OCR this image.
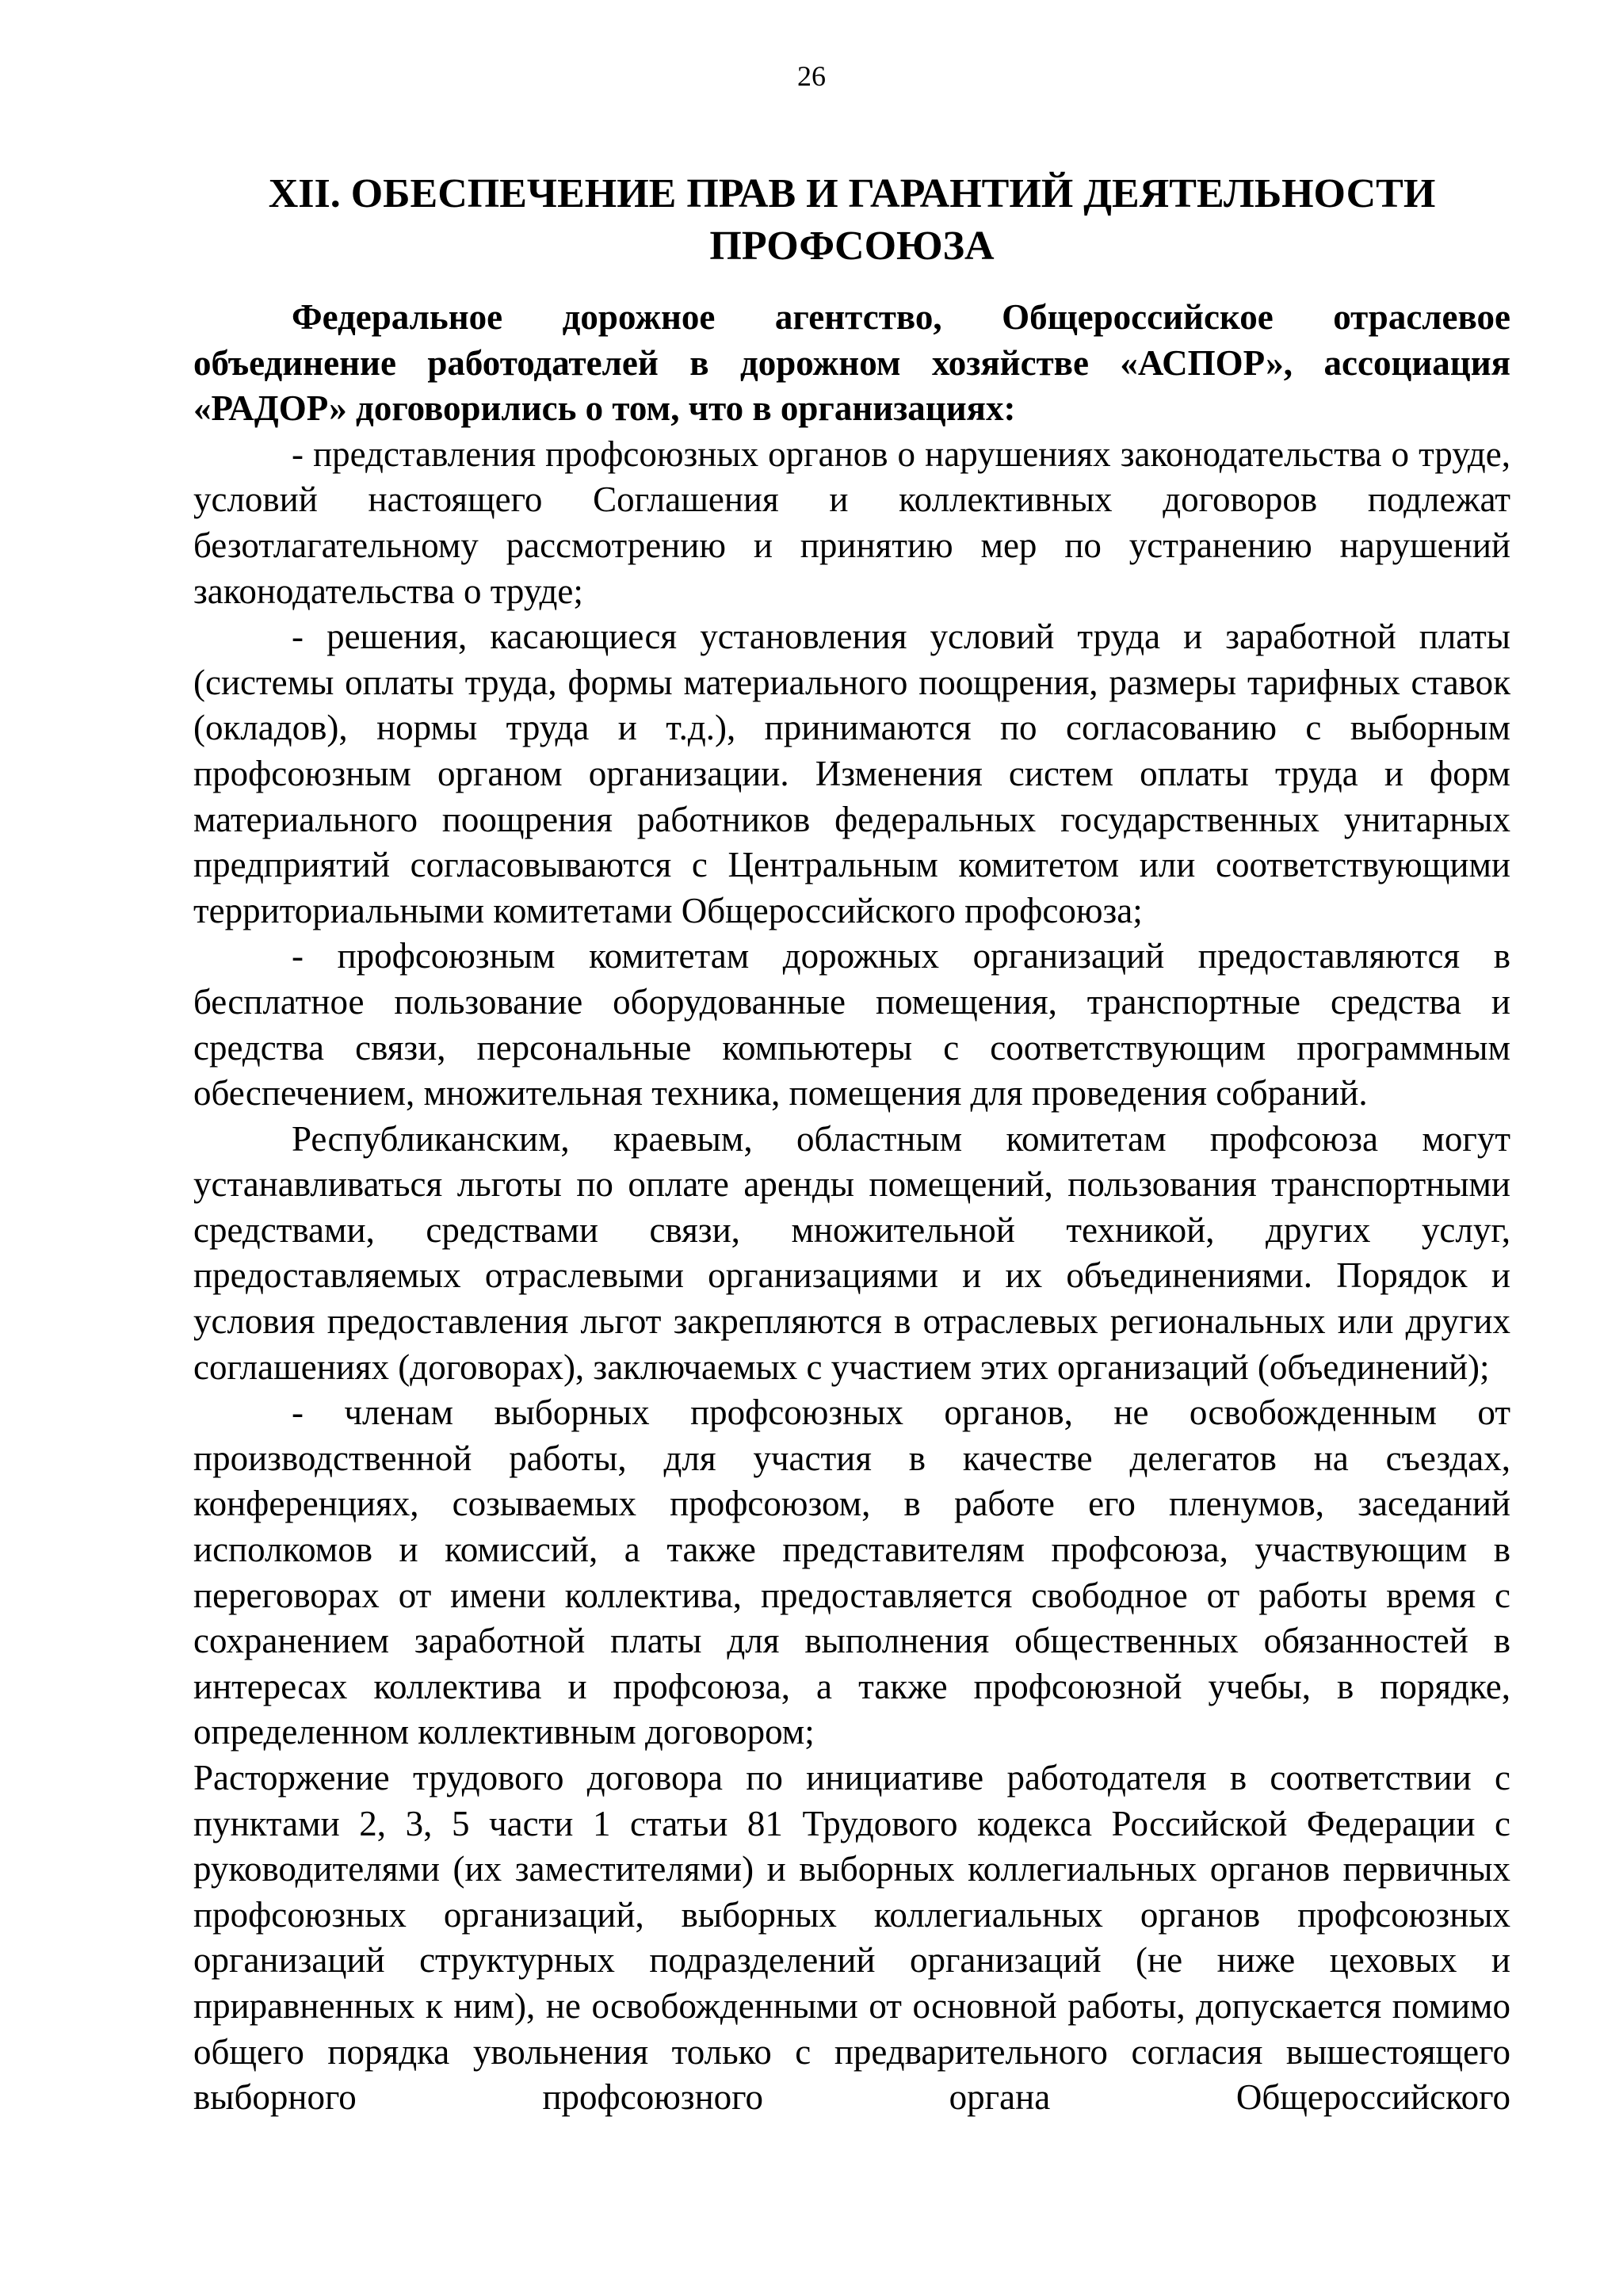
26
XII. ОБЕСПЕЧЕНИЕ ПРАВ И ГАРАНТИЙ ДЕЯТЕЛЬНОСТИ ПРОФСОЮЗА

Федеральное дорожное агентство, Общероссийское отраслевое объединение работодателей в дорожном хозяйстве «АСПОР», ассоциация «РАДОР» договорились о том, что в организациях:

- представления профсоюзных органов о нарушениях законодательства о труде, условий настоящего Соглашения и коллективных договоров подлежат безотлагательному рассмотрению и принятию мер по устранению нарушений законодательства о труде;

- решения, касающиеся установления условий труда и заработной платы (системы оплаты труда, формы материального поощрения, размеры тарифных ставок (окладов), нормы труда и т.д.), принимаются по согласованию с выборным профсоюзным органом организации. Изменения систем оплаты труда и форм материального поощрения работников федеральных государственных унитарных предприятий согласовываются с Центральным комитетом или соответствующими территориальными комитетами Общероссийского профсоюза;

- профсоюзным комитетам дорожных организаций предоставляются в бесплатное пользование оборудованные помещения, транспортные средства и средства связи, персональные компьютеры с соответствующим программным обеспечением, множительная техника, помещения для проведения собраний.

Республиканским, краевым, областным комитетам профсоюза могут устанавливаться льготы по оплате аренды помещений, пользования транспортными средствами, средствами связи, множительной техникой, других услуг, предоставляемых отраслевыми организациями и их объединениями. Порядок и условия предоставления льгот закрепляются в отраслевых региональных или других соглашениях (договорах), заключаемых с участием этих организаций (объединений);

- членам выборных профсоюзных органов, не освобожденным от производственной работы, для участия в качестве делегатов на съездах, конференциях, созываемых профсоюзом, в работе его пленумов, заседаний исполкомов и комиссий, а также представителям профсоюза, участвующим в переговорах от имени коллектива, предоставляется свободное от работы время с сохранением заработной платы для выполнения общественных обязанностей в интересах коллектива и профсоюза, а также профсоюзной учебы, в порядке, определенном коллективным договором;

Расторжение трудового договора по инициативе работодателя в соответствии с пунктами 2, 3, 5 части 1 статьи 81 Трудового кодекса Российской Федерации с руководителями (их заместителями) и выборных коллегиальных органов первичных профсоюзных организаций, выборных коллегиальных органов профсоюзных организаций структурных подразделений организаций (не ниже цеховых и приравненных к ним), не освобожденными от основной работы, допускается помимо общего порядка увольнения только с предварительного согласия вышестоящего выборного профсоюзного органа Общероссийского
